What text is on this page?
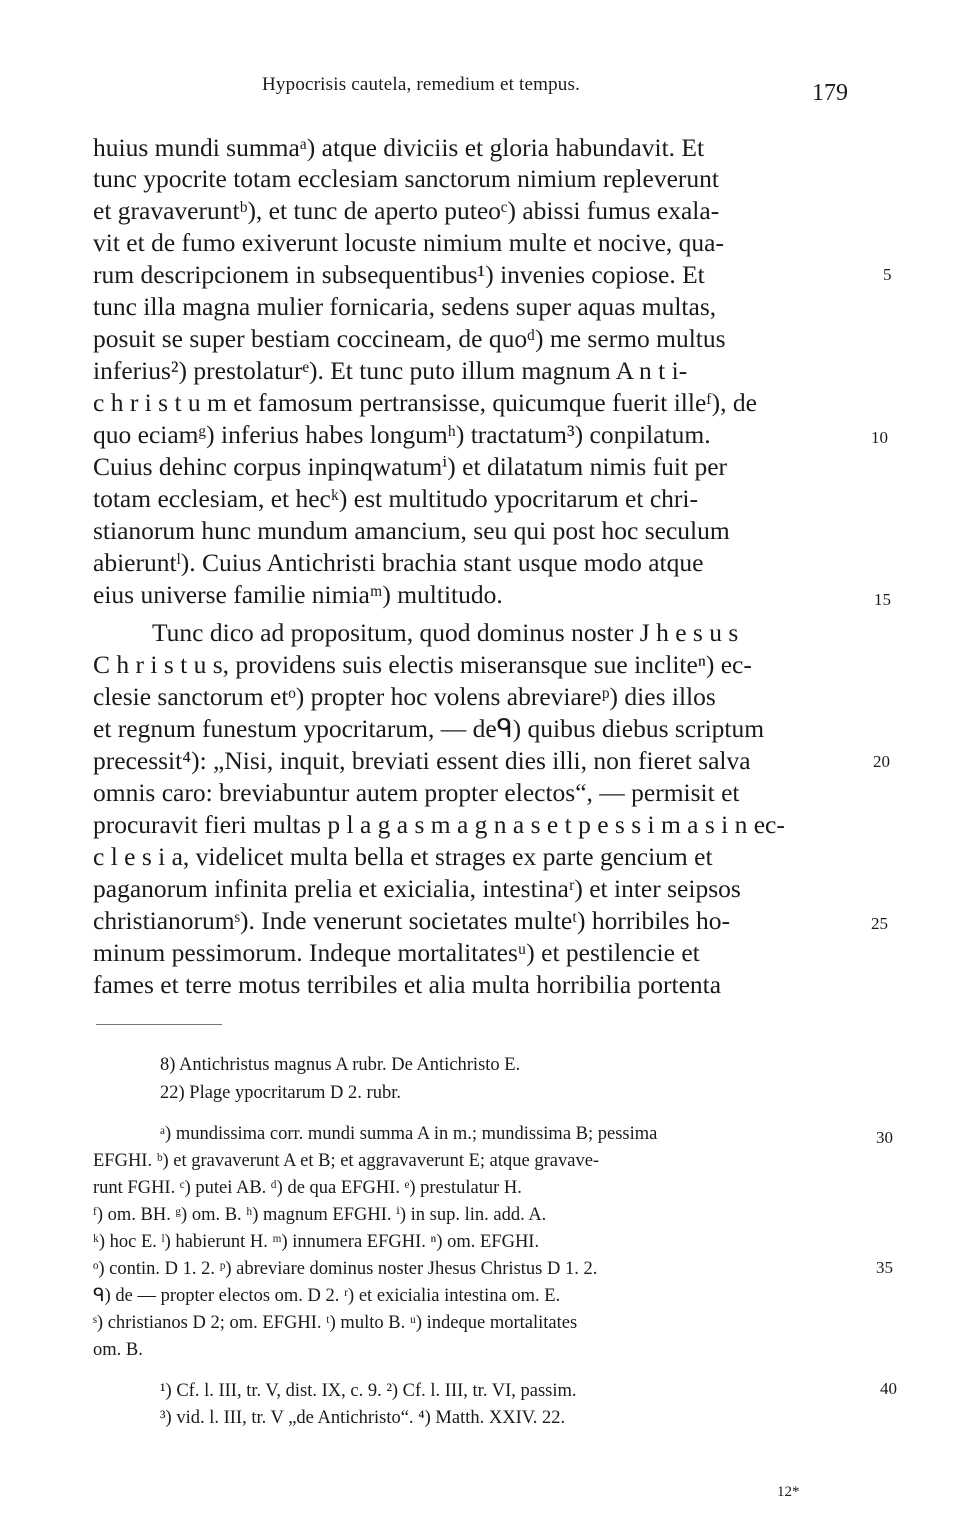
Hypocrisis cautela, remedium et tempus.	179
huius mundi summaᵃ) atque diviciis et gloria habundavit. Et
tunc ypocrite totam ecclesiam sanctorum nimium repleverunt
et gravaveruntᵇ), et tunc de aperto puteoᶜ) abissi fumus exala-
vit et de fumo exiverunt locuste nimium multe et nocive, qua-
rum descripcionem in subsequentibus¹) invenies copiose. Et
tunc illa magna mulier fornicaria, sedens super aquas multas,
posuit se super bestiam coccineam, de quoᵈ) me sermo multus
inferius²) prestolaturᵉ). Et tunc puto illum magnum A n t i-
c h r i s t u m et famosum pertransisse, quicumque fuerit illeᶠ), de
quo eciamᵍ) inferius habes longumʰ) tractatum³) conpilatum.
Cuius dehinc corpus inpinqwatumⁱ) et dilatatum nimis fuit per
totam ecclesiam, et hecᵏ) est multitudo ypocritarum et chri-
stianorum hunc mundum amancium, seu qui post hoc seculum
abieruntˡ). Cuius Antichristi brachia stant usque modo atque
eius universe familie nimiaᵐ) multitudo.
Tunc dico ad propositum, quod dominus noster J h e s u s
C h r i s t u s, providens suis electis miseransque sue incliteⁿ) ec-
clesie sanctorum etᵒ) propter hoc volens abreviareᵖ) dies illos
et regnum funestum ypocritarum, — deᑫ) quibus diebus scriptum
precessit⁴): „Nisi, inquit, breviati essent dies illi, non fieret salva
omnis caro: breviabuntur autem propter electos“, — permisit et
procuravit fieri multas p l a g a s m a g n a s e t p e s s i m a s i n ec-
c l e s i a, videlicet multa bella et strages ex parte gencium et
paganorum infinita prelia et exicialia, intestinaʳ) et inter seipsos
christianorumˢ). Inde venerunt societates multeᵗ) horribiles ho-
minum pessimorum. Indeque mortalitatesᵘ) et pestilencie et
fames et terre motus terribiles et alia multa horribilia portenta
5
10
15
20
25
30
35
40
8) Antichristus magnus A rubr. De Antichristo E.
22) Plage ypocritarum D 2. rubr.
ᵃ) mundissima corr. mundi summa A in m.; mundissima B; pessima
EFGHI. ᵇ) et gravaverunt A et B; et aggravaverunt E; atque gravave-
runt FGHI. ᶜ) putei AB. ᵈ) de qua EFGHI. ᵉ) prestulatur H.
ᶠ) om. BH. ᵍ) om. B. ʰ) magnum EFGHI. ⁱ) in sup. lin. add. A.
ᵏ) hoc E. ˡ) habierunt H. ᵐ) innumera EFGHI. ⁿ) om. EFGHI.
ᵒ) contin. D 1. 2. ᵖ) abreviare dominus noster Jhesus Christus D 1. 2.
ᑫ) de — propter electos om. D 2. ʳ) et exicialia intestina om. E.
ˢ) christianos D 2; om. EFGHI. ᵗ) multo B. ᵘ) indeque mortalitates
om. B.
¹) Cf. l. III, tr. V, dist. IX, c. 9. ²) Cf. l. III, tr. VI, passim.
³) vid. l. III, tr. V „de Antichristo“. ⁴) Matth. XXIV. 22.
12*
